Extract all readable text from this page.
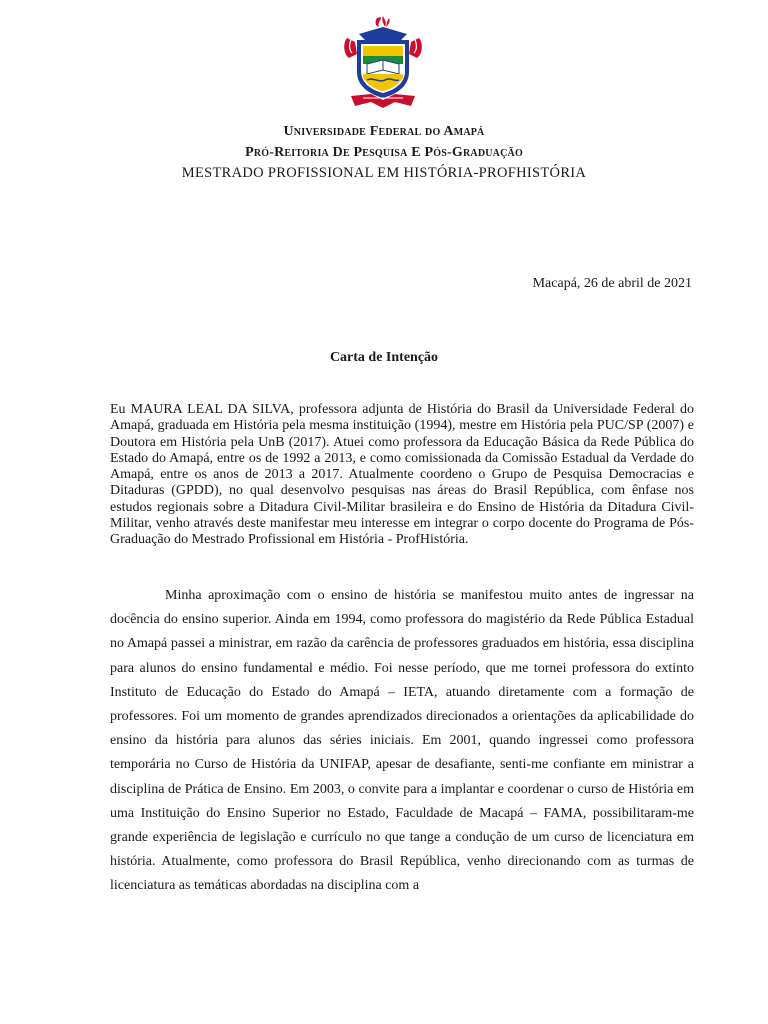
Universidade Federal do Amapá
Pró-Reitoria De Pesquisa E Pós-Graduação
MESTRADO PROFISSIONAL EM HISTÓRIA-PROFHISTÓRIA
Macapá, 26 de abril de 2021
Carta de Intenção

Eu MAURA LEAL DA SILVA, professora adjunta de História do Brasil da Universidade Federal do Amapá, graduada em História pela mesma instituição (1994), mestre em História pela PUC/SP (2007) e Doutora em História pela UnB (2017). Atuei como professora da Educação Básica da Rede Pública do Estado do Amapá, entre os de 1992 a 2013, e como comissionada da Comissão Estadual da Verdade do Amapá, entre os anos de 2013 a 2017. Atualmente coordeno o Grupo de Pesquisa Democracias e Ditaduras (GPDD), no qual desenvolvo pesquisas nas áreas do Brasil República, com ênfase nos estudos regionais sobre a Ditadura Civil-Militar brasileira e do Ensino de História da Ditadura Civil-Militar, venho através deste manifestar meu interesse em integrar o corpo docente do Programa de Pós-Graduação do Mestrado Profissional em História - ProfHistória.

Minha aproximação com o ensino de história se manifestou muito antes de ingressar na docência do ensino superior. Ainda em 1994, como professora do magistério da Rede Pública Estadual no Amapá passei a ministrar, em razão da carência de professores graduados em história, essa disciplina para alunos do ensino fundamental e médio. Foi nesse período, que me tornei professora do extinto Instituto de Educação do Estado do Amapá – IETA, atuando diretamente com a formação de professores. Foi um momento de grandes aprendizados direcionados a orientações da aplicabilidade do ensino da história para alunos das séries iniciais. Em 2001, quando ingressei como professora temporária no Curso de História da UNIFAP, apesar de desafiante, senti-me confiante em ministrar a disciplina de Prática de Ensino. Em 2003, o convite para a implantar e coordenar o curso de História em uma Instituição do Ensino Superior no Estado, Faculdade de Macapá – FAMA, possibilitaram-me grande experiência de legislação e currículo no que tange a condução de um curso de licenciatura em história. Atualmente, como professora do Brasil República, venho direcionando com as turmas de licenciatura as temáticas abordadas na disciplina com a
